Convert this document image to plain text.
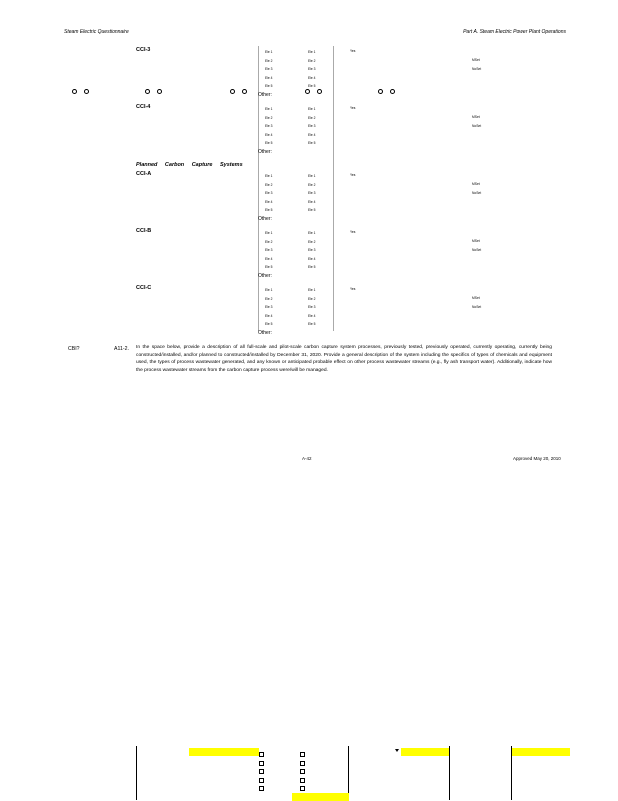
Steam Electric Questionnaire	Part A. Steam Electric Power Plant Operations
CCI-3	Ele 1	Ele 1
Ele 2	Ele 2
Ele 3	Ele 3
Ele 4	Ele 4
Ele 5	Ele 5
Yes
MSet
NoSet
Other:
CCI-4	Ele 1	Ele 1
Ele 2	Ele 2
Ele 3	Ele 3
Ele 4	Ele 4
Ele 5	Ele 5
Yes
MSet
NoSet
Other:
Planned Carbon Capture Systems
CCI-A	Ele 1	Ele 1
Ele 2	Ele 2
Ele 3	Ele 3
Ele 4	Ele 4
Ele 5	Ele 5
Yes
MSet
NoSet
Other:
CCI-B	Ele 1	Ele 1
Ele 2	Ele 2
Ele 3	Ele 3
Ele 4	Ele 4
Ele 5	Ele 5
Yes
MSet
NoSet
Other:
CCI-C	Ele 1	Ele 1
Ele 2	Ele 2
Ele 3	Ele 3
Ele 4	Ele 4
Ele 5	Ele 5
Yes
MSet
NoSet
Other:
CBI?	A11-2. In the space below, provide a description of all full-scale and pilot-scale carbon capture system processes, previously tested, previously operated, currently operating, currently being constructed/installed, and/or planned to constructed/installed by December 31, 2020. Provide a general description of the system including the specifics of types of chemicals and equipment used, the types of process wastewater generated, and any known or anticipated probable effect on other process wastewater streams (e.g., fly ash transport water). Additionally, indicate how the process wastewater streams from the carbon capture process were/will be managed.
A-42	Approved May 20, 2010
